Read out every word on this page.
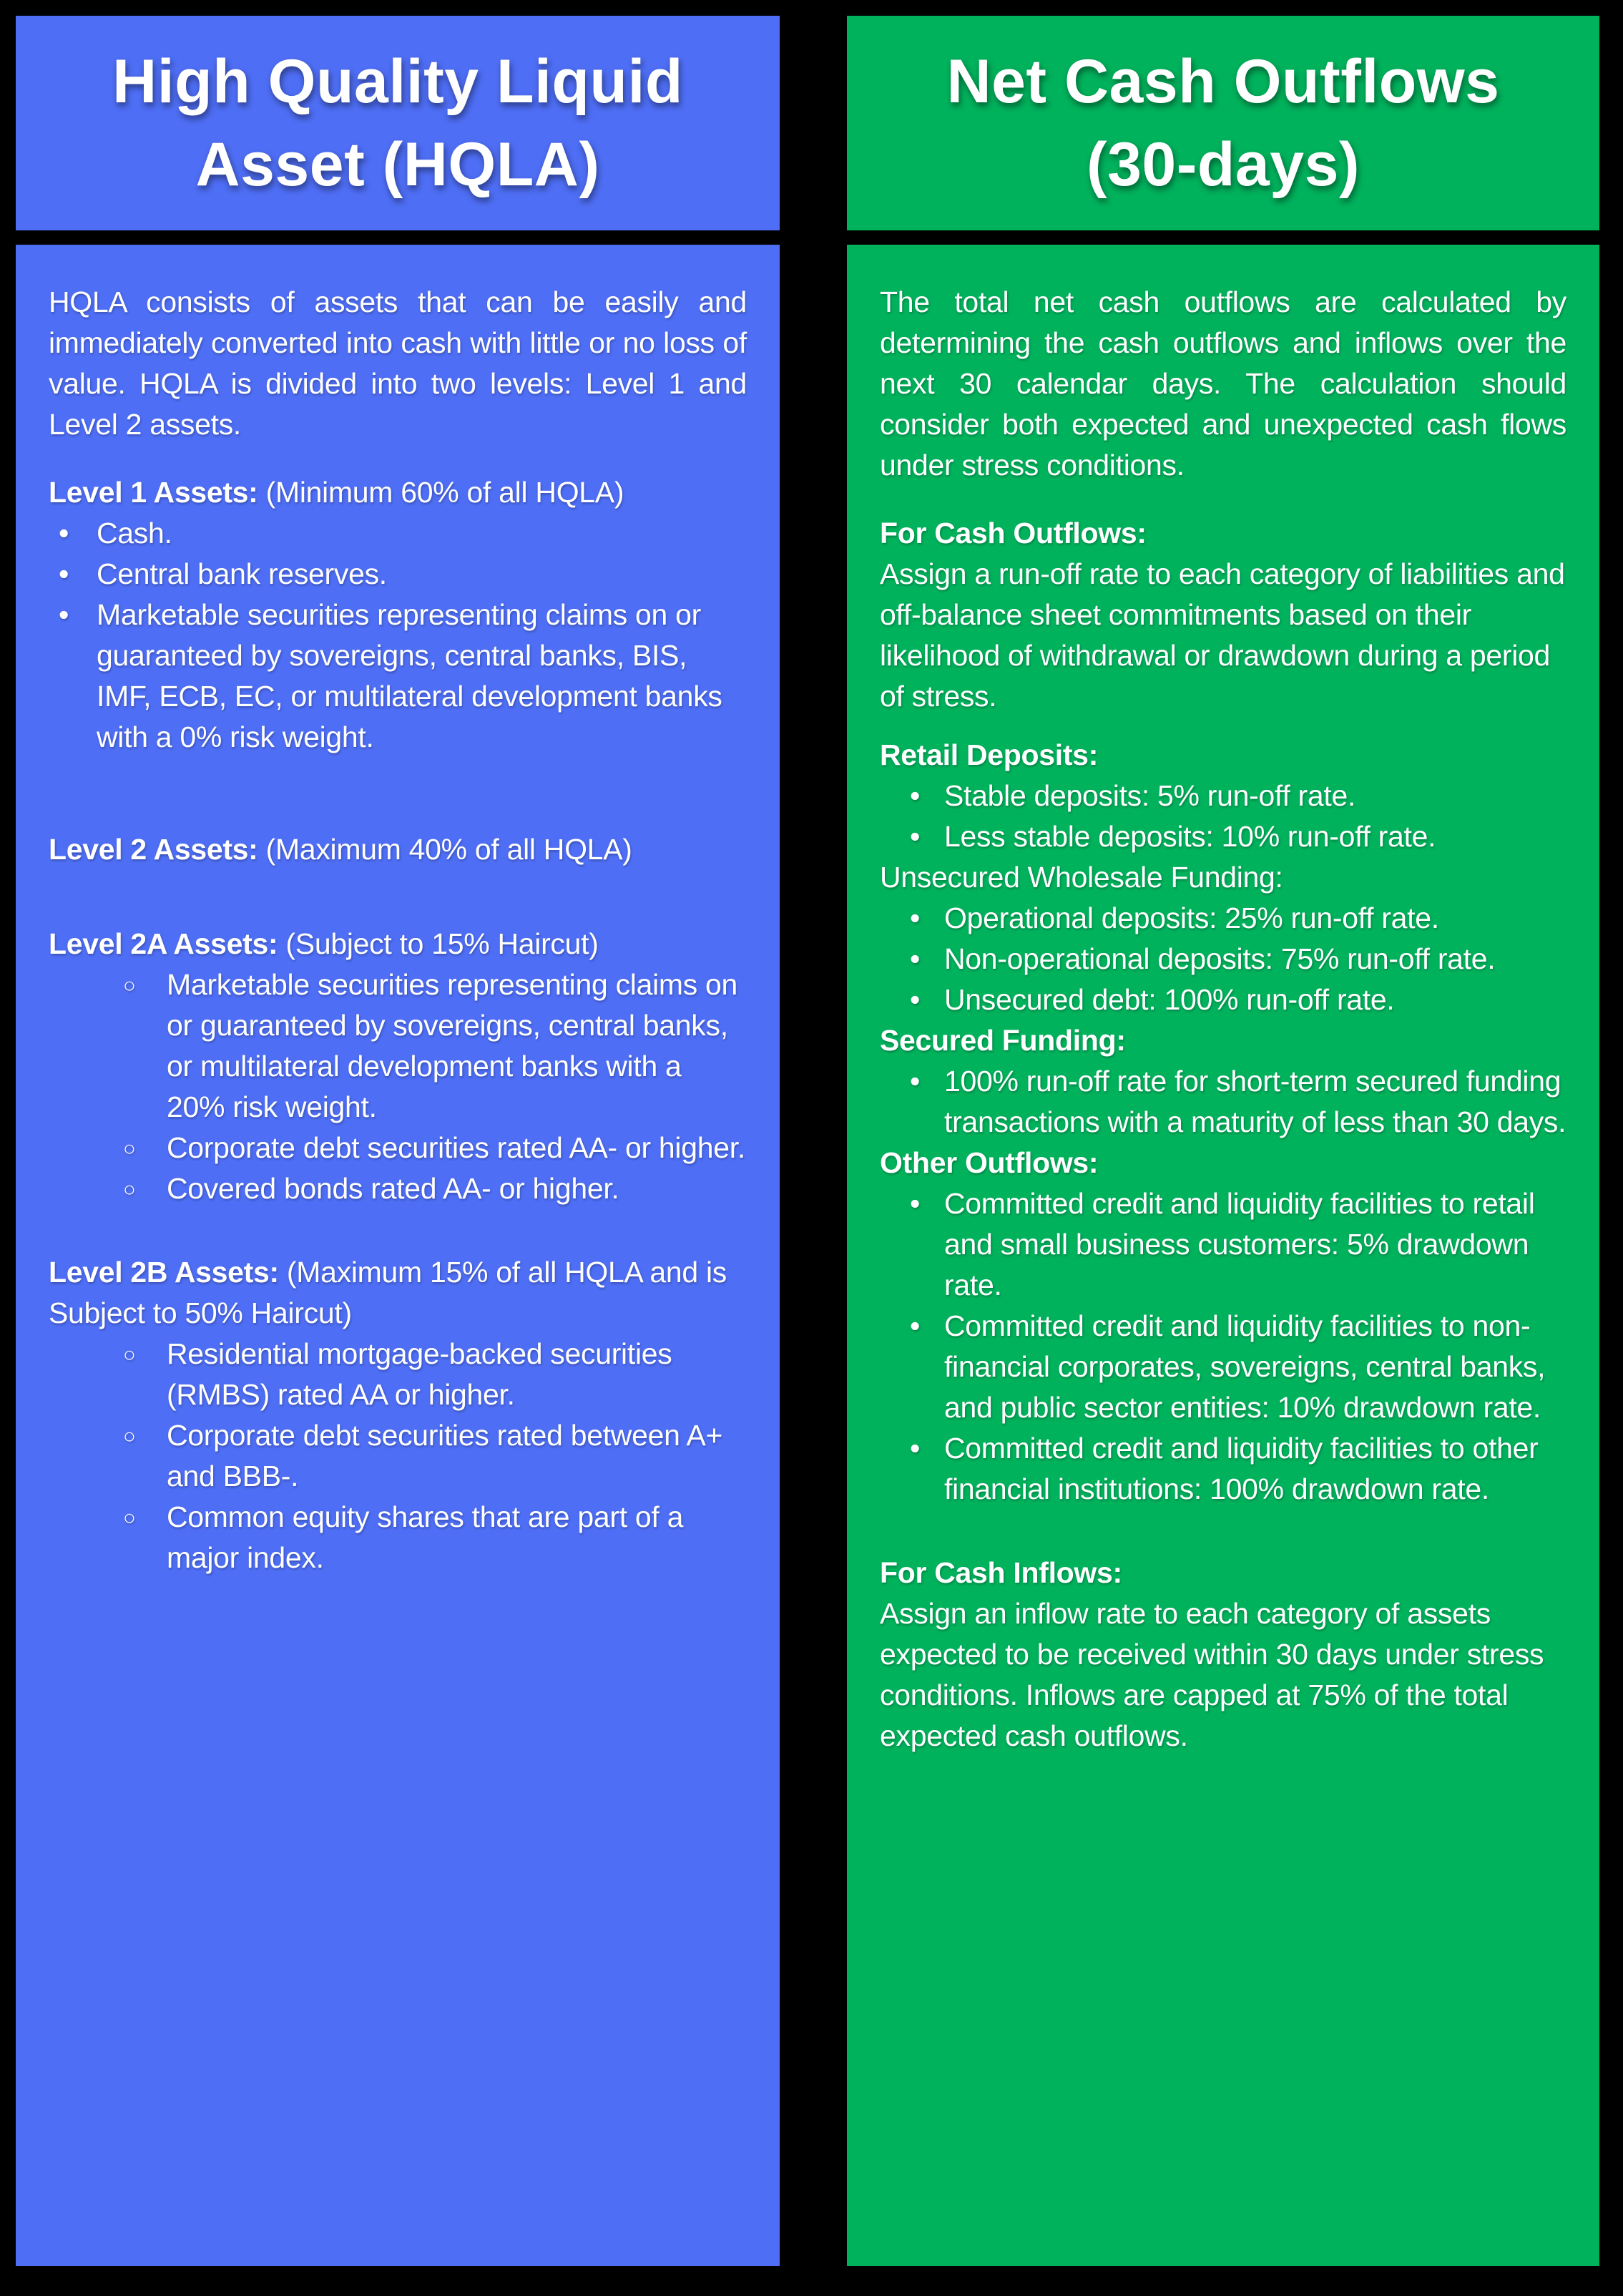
High Quality Liquid
Asset (HQLA)
Net Cash Outflows
(30-days)

HQLA consists of assets that can be easily and immediately converted into cash with little or no loss of value. HQLA is divided into two levels: Level 1 and Level 2 assets.

Level 1 Assets: (Minimum 60% of all HQLA)

• Cash.
• Central bank reserves.
• Marketable securities representing claims on or guaranteed by sovereigns, central banks, BIS, IMF, ECB, EC, or multilateral development banks with a 0% risk weight.

Level 2 Assets: (Maximum 40% of all HQLA)

Level 2A Assets: (Subject to 15% Haircut)

○ Marketable securities representing claims on or guaranteed by sovereigns, central banks, or multilateral development banks with a 20% risk weight.
○ Corporate debt securities rated AA- or higher.
○ Covered bonds rated AA- or higher.

Level 2B Assets: (Maximum 15% of all HQLA and is Subject to 50% Haircut)

○ Residential mortgage-backed securities (RMBS) rated AA or higher.
○ Corporate debt securities rated between A+ and BBB-.
○ Common equity shares that are part of a major index.

The total net cash outflows are calculated by determining the cash outflows and inflows over the next 30 calendar days. The calculation should consider both expected and unexpected cash flows under stress conditions.

For Cash Outflows:

Assign a run-off rate to each category of liabilities and off-balance sheet commitments based on their likelihood of withdrawal or drawdown during a period of stress.

Retail Deposits:

• Stable deposits: 5% run-off rate.
• Less stable deposits: 10% run-off rate.

Unsecured Wholesale Funding:

• Operational deposits: 25% run-off rate.
• Non-operational deposits: 75% run-off rate.
• Unsecured debt: 100% run-off rate.

Secured Funding:

• 100% run-off rate for short-term secured funding transactions with a maturity of less than 30 days.

Other Outflows:

• Committed credit and liquidity facilities to retail and small business customers: 5% drawdown rate.
• Committed credit and liquidity facilities to non-financial corporates, sovereigns, central banks, and public sector entities: 10% drawdown rate.
• Committed credit and liquidity facilities to other financial institutions: 100% drawdown rate.

For Cash Inflows:

Assign an inflow rate to each category of assets expected to be received within 30 days under stress conditions. Inflows are capped at 75% of the total expected cash outflows.
